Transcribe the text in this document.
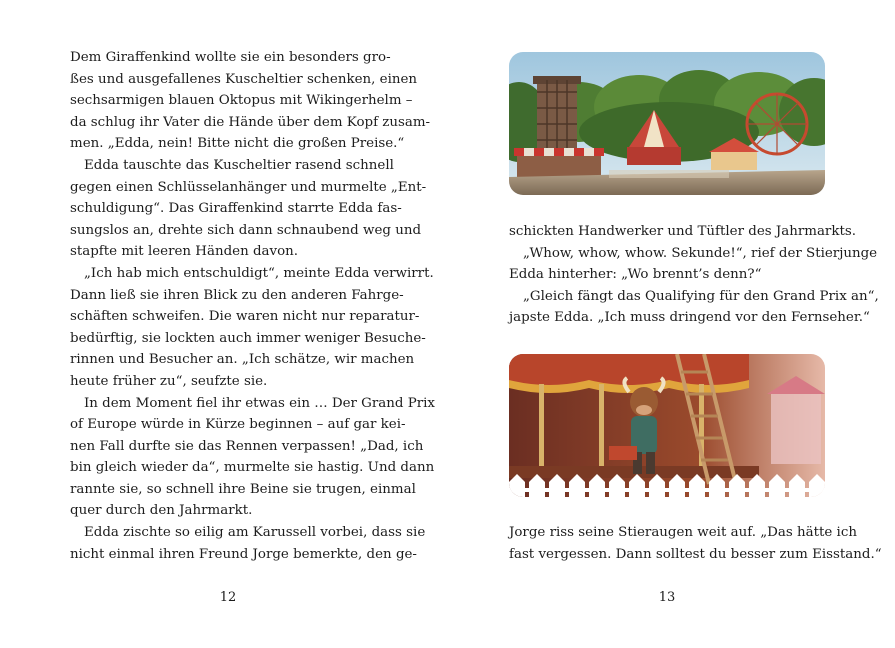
Dem Giraffenkind wollte sie ein besonders gro-
ßes und ausgefallenes Kuscheltier schenken, einen
sechsarmigen blauen Oktopus mit Wikingerhelm –
da schlug ihr Vater die Hände über dem Kopf zusam-
men. „Edda, nein! Bitte nicht die großen Preise.“
Edda tauschte das Kuscheltier rasend schnell
gegen einen Schlüsselanhänger und murmelte „Ent-
schuldigung“. Das Giraffenkind starrte Edda fas-
sungslos an, drehte sich dann schnaubend weg und
stapfte mit leeren Händen davon.
„Ich hab mich entschuldigt“, meinte Edda verwirrt.
Dann ließ sie ihren Blick zu den anderen Fahrge-
schäften schweifen. Die waren nicht nur reparatur-
bedürftig, sie lockten auch immer weniger Besuche-
rinnen und Besucher an. „Ich schätze, wir machen
heute früher zu“, seufzte sie.
In dem Moment fiel ihr etwas ein … Der Grand Prix
of Europe würde in Kürze beginnen – auf gar kei-
nen Fall durfte sie das Rennen verpassen! „Dad, ich
bin gleich wieder da“, murmelte sie hastig. Und dann
rannte sie, so schnell ihre Beine sie trugen, einmal
quer durch den Jahrmarkt.
Edda zischte so eilig am Karussell vorbei, dass sie
nicht einmal ihren Freund Jorge bemerkte, den ge-
12
schickten Handwerker und Tüftler des Jahrmarkts.
„Whow, whow, whow. Sekunde!“, rief der Stierjunge
Edda hinterher: „Wo brennt’s denn?“
„Gleich fängt das Qualifying für den Grand Prix an“,
japste Edda. „Ich muss dringend vor den Fernseher.“
Jorge riss seine Stieraugen weit auf. „Das hätte ich
fast vergessen. Dann solltest du besser zum Eisstand.“
13
